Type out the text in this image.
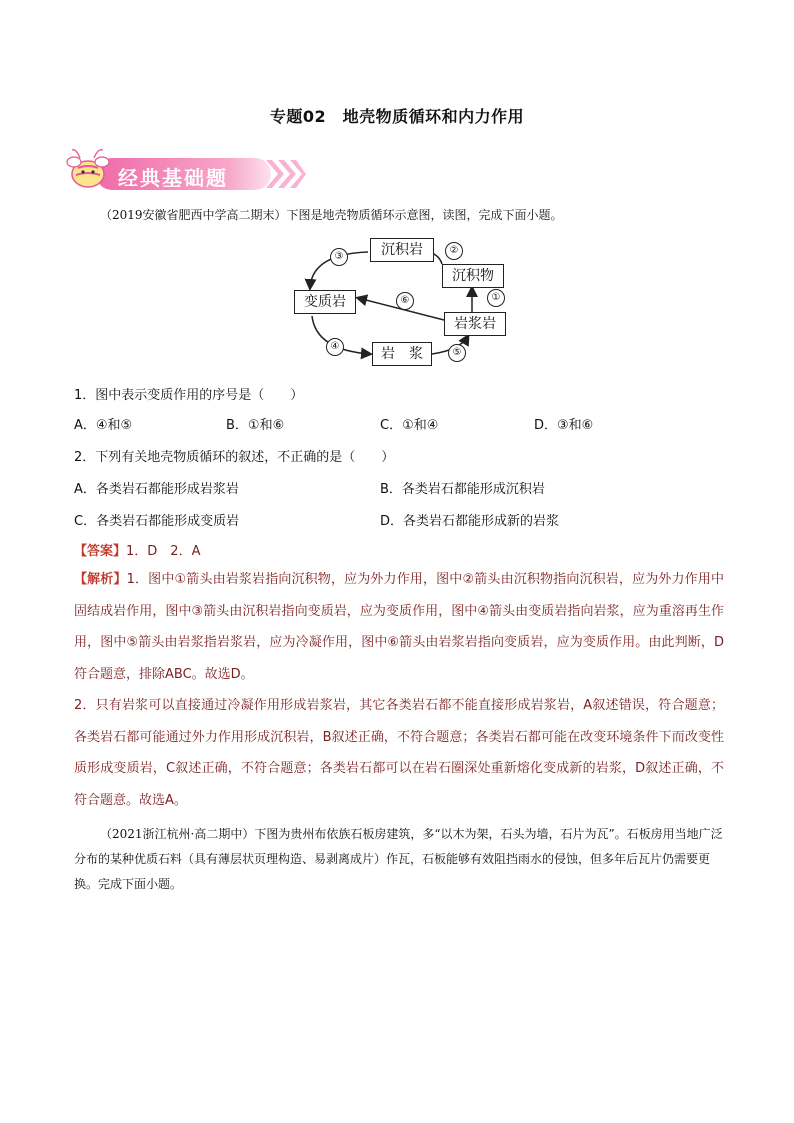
专题02　地壳物质循环和内力作用
经典基础题
（2019安徽省肥西中学高二期末）下图是地壳物质循环示意图，读图，完成下面小题。
沉积岩
沉积物
变质岩
岩浆岩
岩　浆
①
②
③
④
⑤
⑥
1．图中表示变质作用的序号是（　　）
A．④和⑤	B．①和⑥	C．①和④	D．③和⑥
2．下列有关地壳物质循环的叙述，不正确的是（　　）
A．各类岩石都能形成岩浆岩	B．各类岩石都能形成沉积岩
C．各类岩石都能形成变质岩	D．各类岩石都能形成新的岩浆
【答案】1．D　2．A
【解析】1．图中①箭头由岩浆岩指向沉积物，应为外力作用，图中②箭头由沉积物指向沉积岩，应为外力作用中固结成岩作用，图中③箭头由沉积岩指向变质岩，应为变质作用，图中④箭头由变质岩指向岩浆，应为重溶再生作用，图中⑤箭头由岩浆指岩浆岩，应为冷凝作用，图中⑥箭头由岩浆岩指向变质岩，应为变质作用。由此判断，D符合题意，排除ABC。故选D。
2．只有岩浆可以直接通过冷凝作用形成岩浆岩，其它各类岩石都不能直接形成岩浆岩，A叙述错误，符合题意；各类岩石都可能通过外力作用形成沉积岩，B叙述正确，不符合题意；各类岩石都可能在改变环境条件下而改变性质形成变质岩，C叙述正确，不符合题意；各类岩石都可以在岩石圈深处重新熔化变成新的岩浆，D叙述正确，不符合题意。故选A。
（2021浙江杭州·高二期中）下图为贵州布依族石板房建筑，多“以木为架，石头为墙，石片为瓦”。石板房用当地广泛分布的某种优质石料（具有薄层状页理构造、易剥离成片）作瓦，石板能够有效阻挡雨水的侵蚀，但多年后瓦片仍需要更换。完成下面小题。
